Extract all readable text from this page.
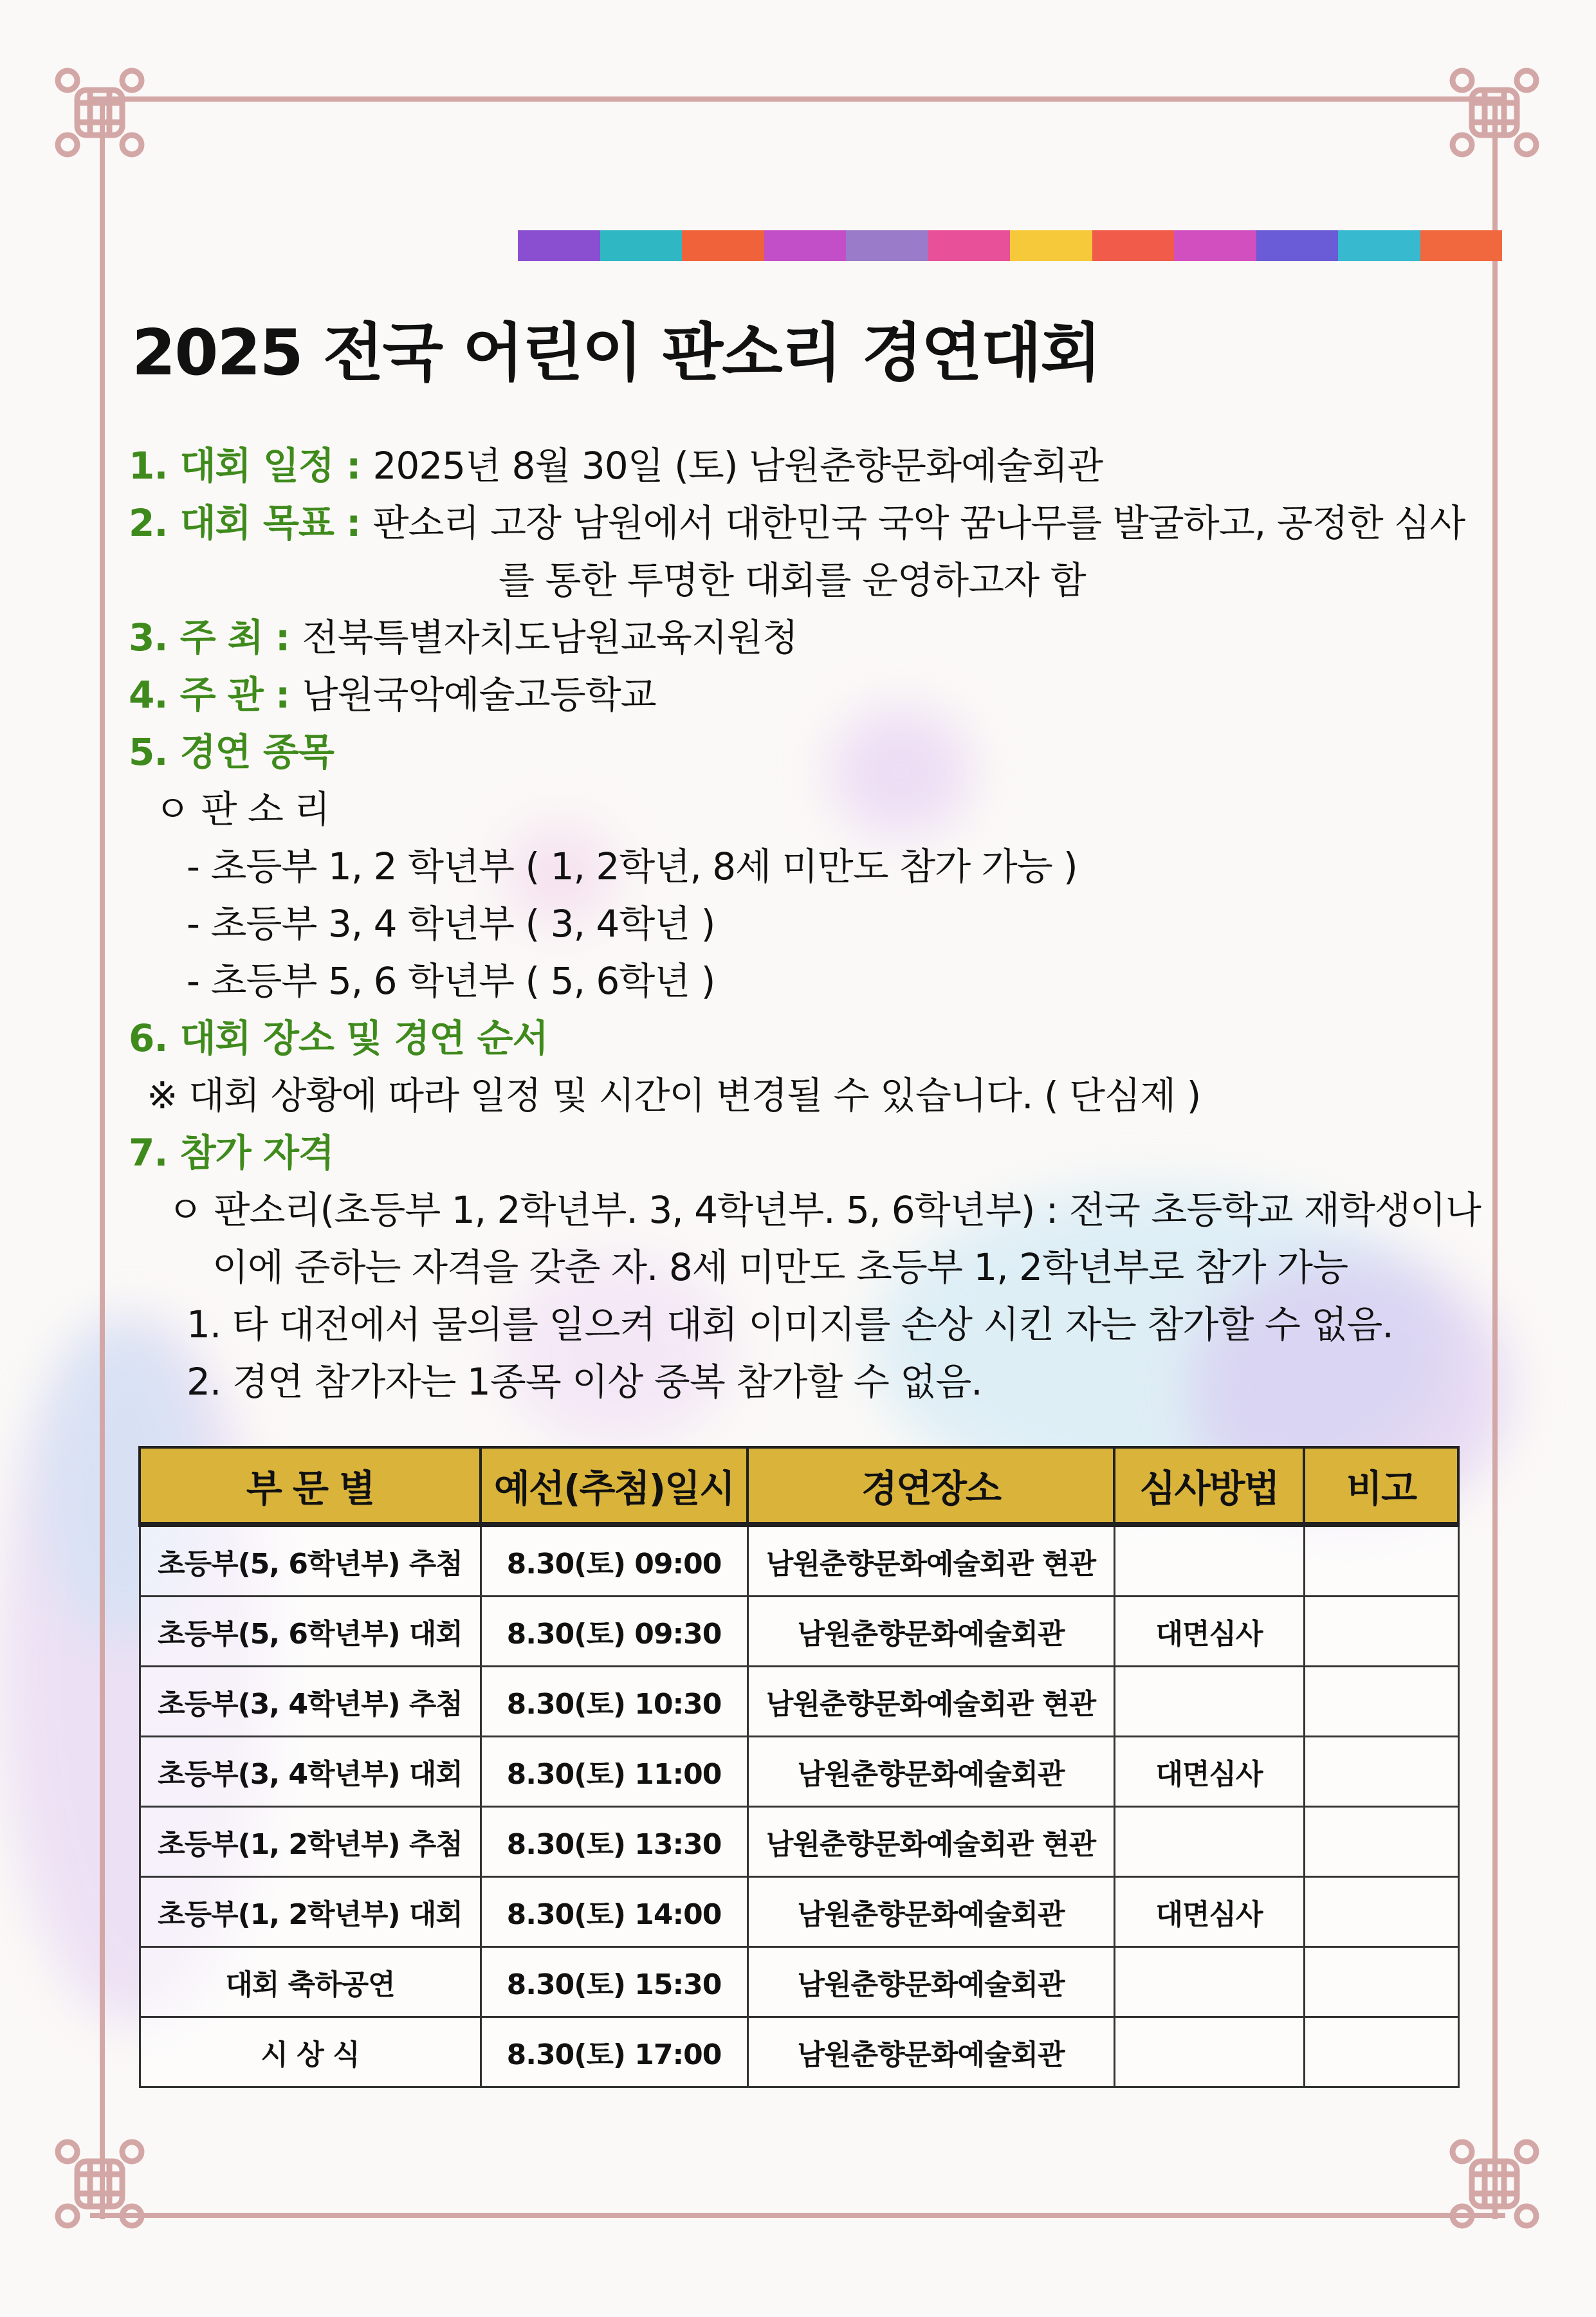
2025 전국 어린이 판소리 경연대회
1. 대회 일정 : 2025년 8월 30일 (토) 남원춘향문화예술회관
2. 대회 목표 : 판소리 고장 남원에서 대한민국 국악 꿈나무를 발굴하고, 공정한 심사
를 통한 투명한 대회를 운영하고자 함
3. 주 최 : 전북특별자치도남원교육지원청
4. 주 관 : 남원국악예술고등학교
5. 경연 종목
ㅇ 판 소 리
- 초등부 1, 2 학년부 ( 1, 2학년, 8세 미만도 참가 가능 )
- 초등부 3, 4 학년부 ( 3, 4학년 )
- 초등부 5, 6 학년부 ( 5, 6학년 )
6. 대회 장소 및 경연 순서
※ 대회 상황에 따라 일정 및 시간이 변경될 수 있습니다. ( 단심제 )
7. 참가 자격
ㅇ 판소리(초등부 1, 2학년부. 3, 4학년부. 5, 6학년부) : 전국 초등학교 재학생이나
이에 준하는 자격을 갖춘 자. 8세 미만도 초등부 1, 2학년부로 참가 가능
1. 타 대전에서 물의를 일으켜 대회 이미지를 손상 시킨 자는 참가할 수 없음.
2. 경연 참가자는 1종목 이상 중복 참가할 수 없음.
부 문 별	예선(추첨)일시	경연장소	심사방법	비고
초등부(5, 6학년부) 추첨	8.30(토) 09:00	남원춘향문화예술회관 현관		
초등부(5, 6학년부) 대회	8.30(토) 09:30	남원춘향문화예술회관	대면심사	
초등부(3, 4학년부) 추첨	8.30(토) 10:30	남원춘향문화예술회관 현관		
초등부(3, 4학년부) 대회	8.30(토) 11:00	남원춘향문화예술회관	대면심사	
초등부(1, 2학년부) 추첨	8.30(토) 13:30	남원춘향문화예술회관 현관		
초등부(1, 2학년부) 대회	8.30(토) 14:00	남원춘향문화예술회관	대면심사	
대회 축하공연	8.30(토) 15:30	남원춘향문화예술회관		
시 상 식	8.30(토) 17:00	남원춘향문화예술회관		
